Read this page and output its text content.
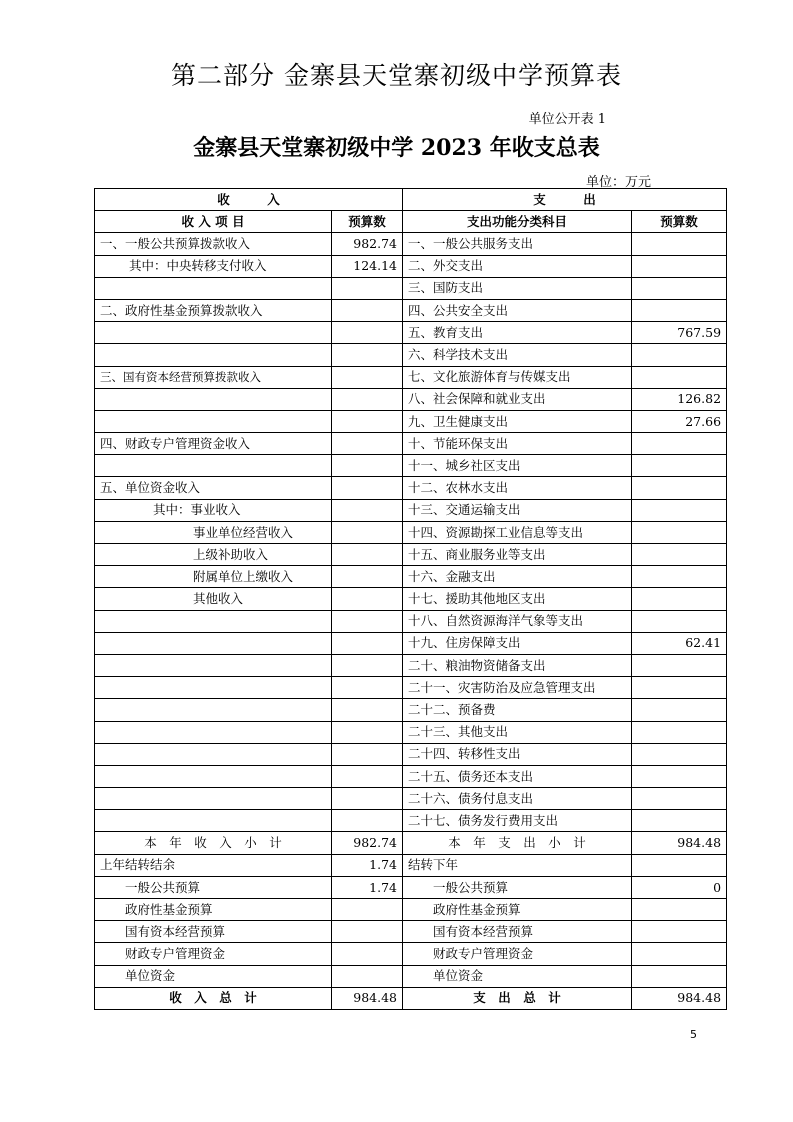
第二部分 金寨县天堂寨初级中学预算表
单位公开表 1
金寨县天堂寨初级中学 2023 年收支总表
单位：万元
收　　　入		支　　　出	
收 入 项 目	预算数	支出功能分类科目	预算数
一、一般公共预算拨款收入	982.74	一、一般公共服务支出	
其中：中央转移支付收入	124.14	二、外交支出	
		三、国防支出	
二、政府性基金预算拨款收入		四、公共安全支出	
		五、教育支出	767.59
		六、科学技术支出	
三、国有资本经营预算拨款收入		七、文化旅游体育与传媒支出	
		八、社会保障和就业支出	126.82
		九、卫生健康支出	27.66
四、财政专户管理资金收入		十、节能环保支出	
		十一、城乡社区支出	
五、单位资金收入		十二、农林水支出	
其中：事业收入		十三、交通运输支出	
事业单位经营收入		十四、资源勘探工业信息等支出	
上级补助收入		十五、商业服务业等支出	
附属单位上缴收入		十六、金融支出	
其他收入		十七、援助其他地区支出	
		十八、自然资源海洋气象等支出	
		十九、住房保障支出	62.41
		二十、粮油物资储备支出	
		二十一、灾害防治及应急管理支出	
		二十二、预备费	
		二十三、其他支出	
		二十四、转移性支出	
		二十五、债务还本支出	
		二十六、债务付息支出	
		二十七、债务发行费用支出	
本　年　收　入　小　计	982.74	本　年　支　出　小　计	984.48
上年结转结余	1.74	结转下年	
一般公共预算	1.74	一般公共预算	0
政府性基金预算		政府性基金预算	
国有资本经营预算		国有资本经营预算	
财政专户管理资金		财政专户管理资金	
单位资金		单位资金	
收　入　总　计	984.48	支　出　总　计	984.48
5
